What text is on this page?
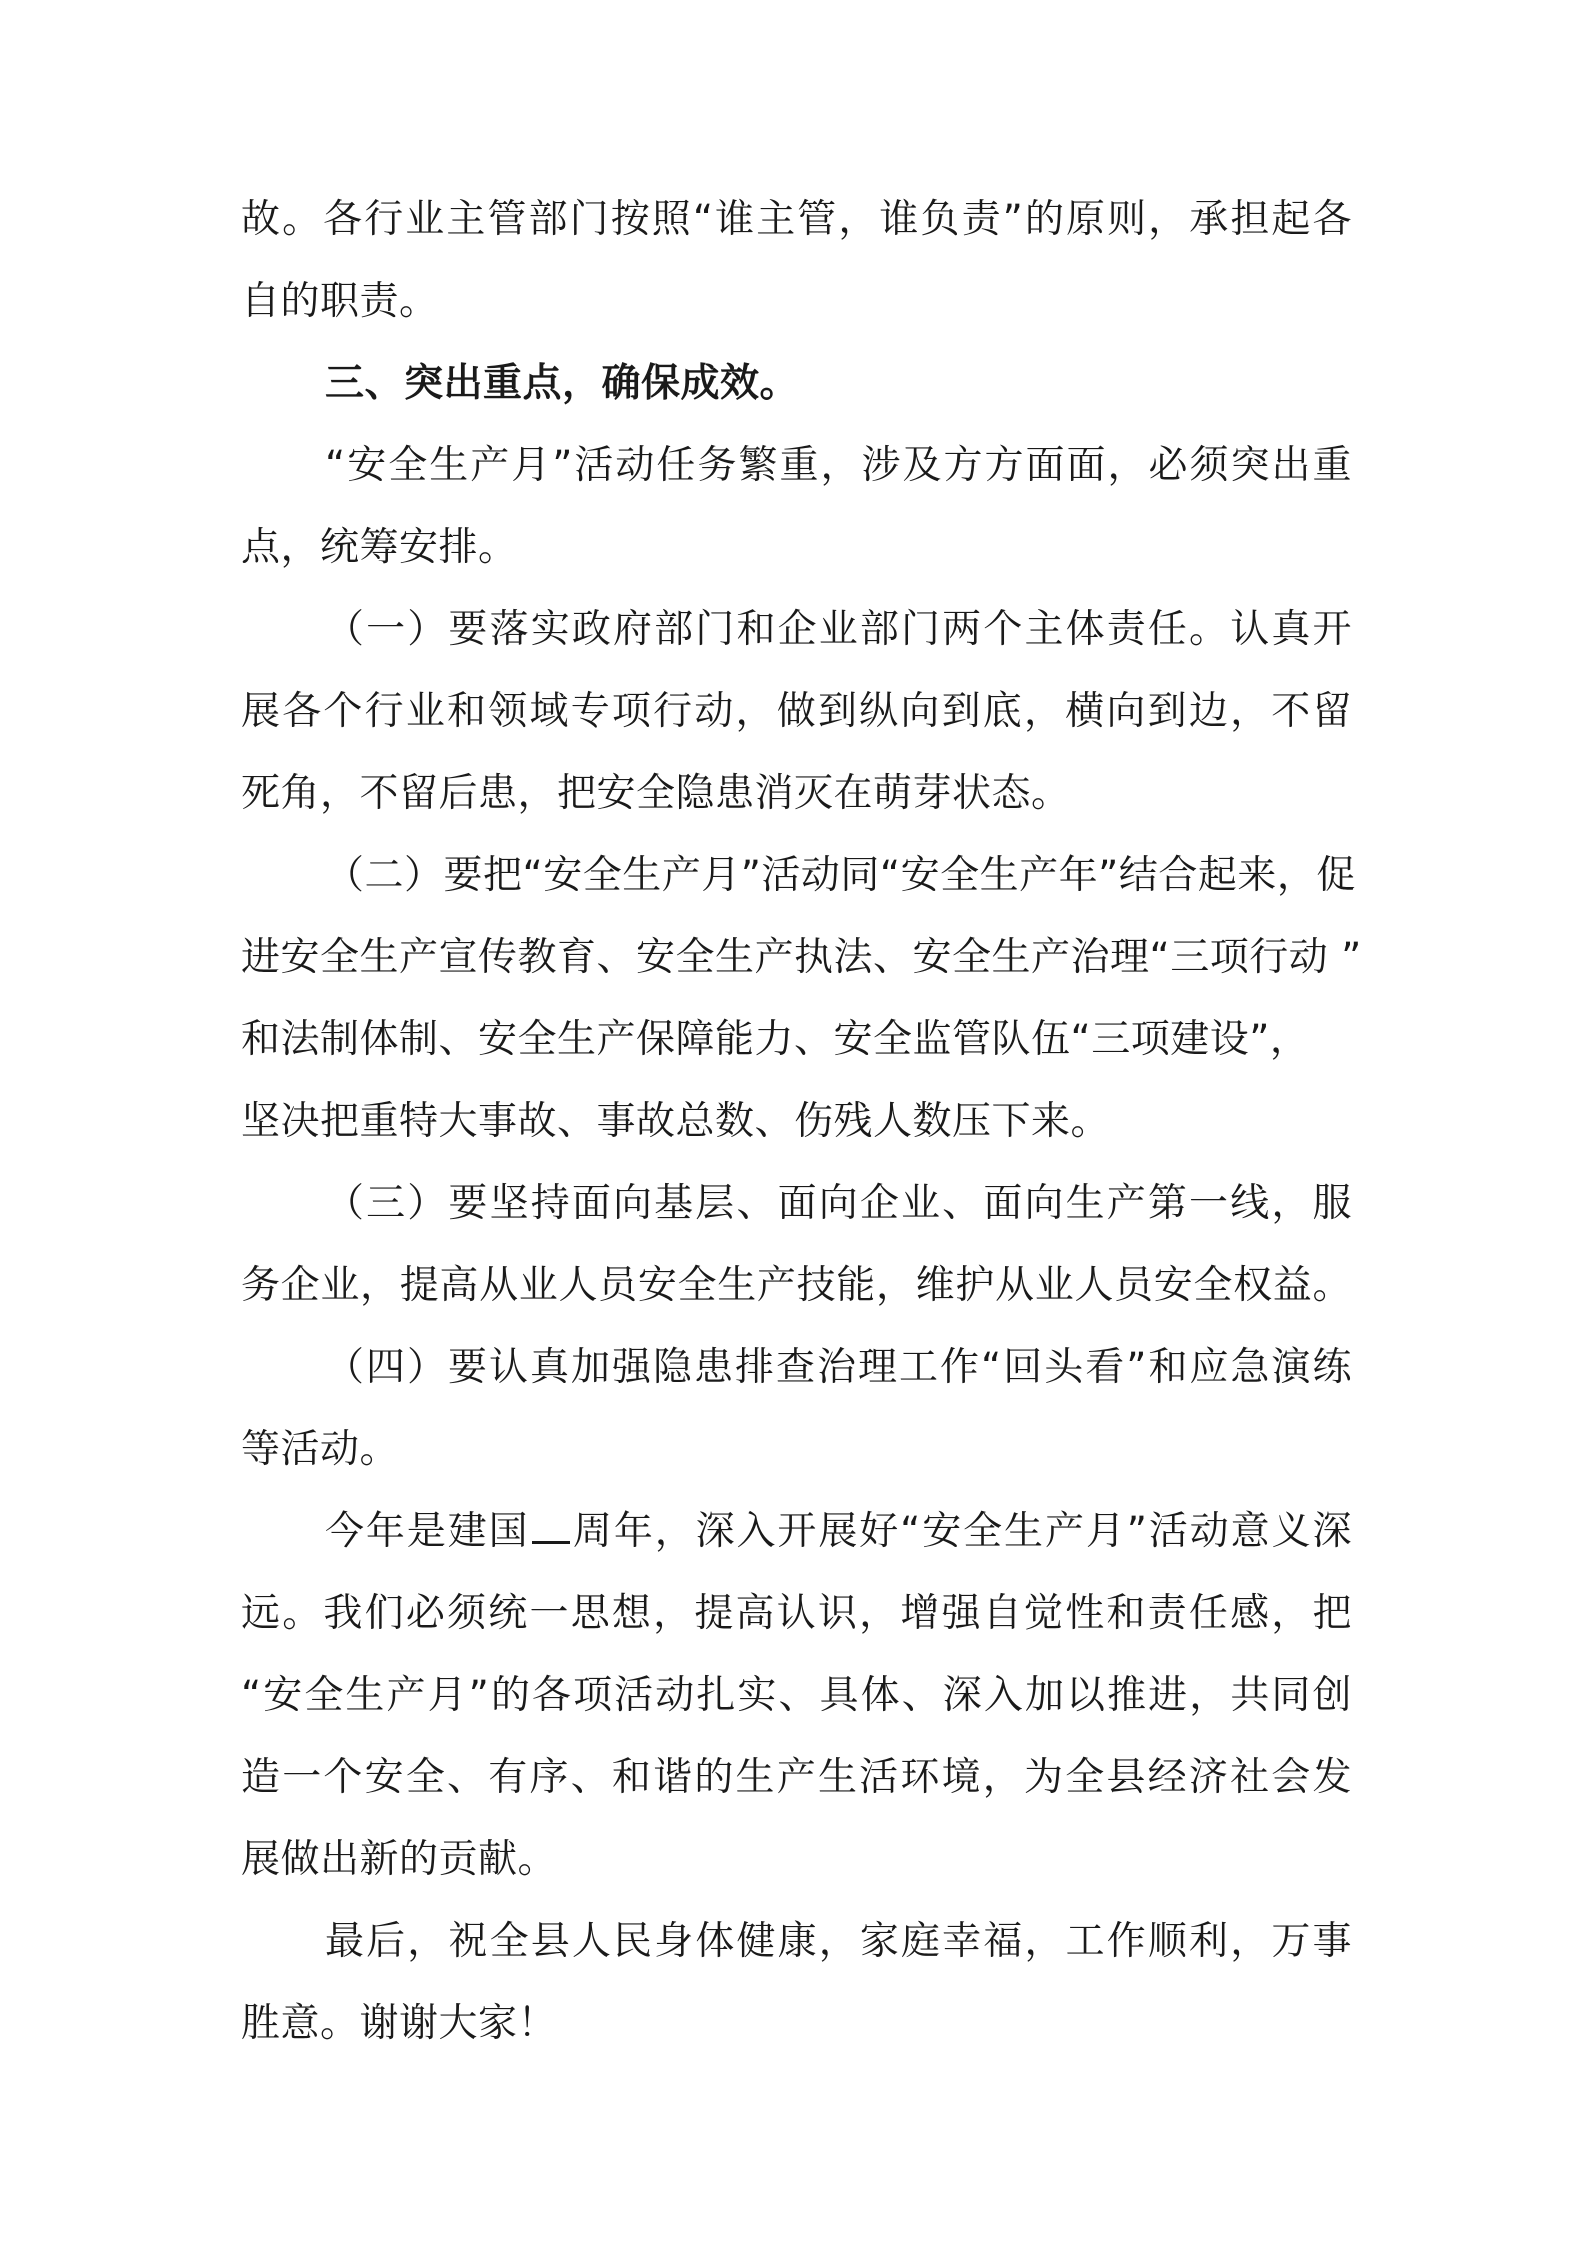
故。各行业主管部门按照“谁主管，谁负责”的原则，承担起各
自的职责。
三、突出重点，确保成效。
“安全生产月”活动任务繁重，涉及方方面面，必须突出重
点，统筹安排。
（一）要落实政府部门和企业部门两个主体责任。认真开
展各个行业和领域专项行动，做到纵向到底，横向到边，不留
死角，不留后患，把安全隐患消灭在萌芽状态。
（二）要把“安全生产月”活动同“安全生产年”结合起来，促
进安全生产宣传教育、安全生产执法、安全生产治理“三项行动 ”
和法制体制、安全生产保障能力、安全监管队伍“三项建设”，
坚决把重特大事故、事故总数、伤残人数压下来。
（三）要坚持面向基层、面向企业、面向生产第一线，服
务企业，提高从业人员安全生产技能，维护从业人员安全权益。
（四）要认真加强隐患排查治理工作“回头看”和应急演练
等活动。
今年是建国 周年，深入开展好“安全生产月”活动意义深
远。我们必须统一思想，提高认识，增强自觉性和责任感，把
“安全生产月”的各项活动扎实、具体、深入加以推进，共同创
造一个安全、有序、和谐的生产生活环境，为全县经济社会发
展做出新的贡献。
最后，祝全县人民身体健康，家庭幸福，工作顺利，万事
胜意。谢谢大家！
